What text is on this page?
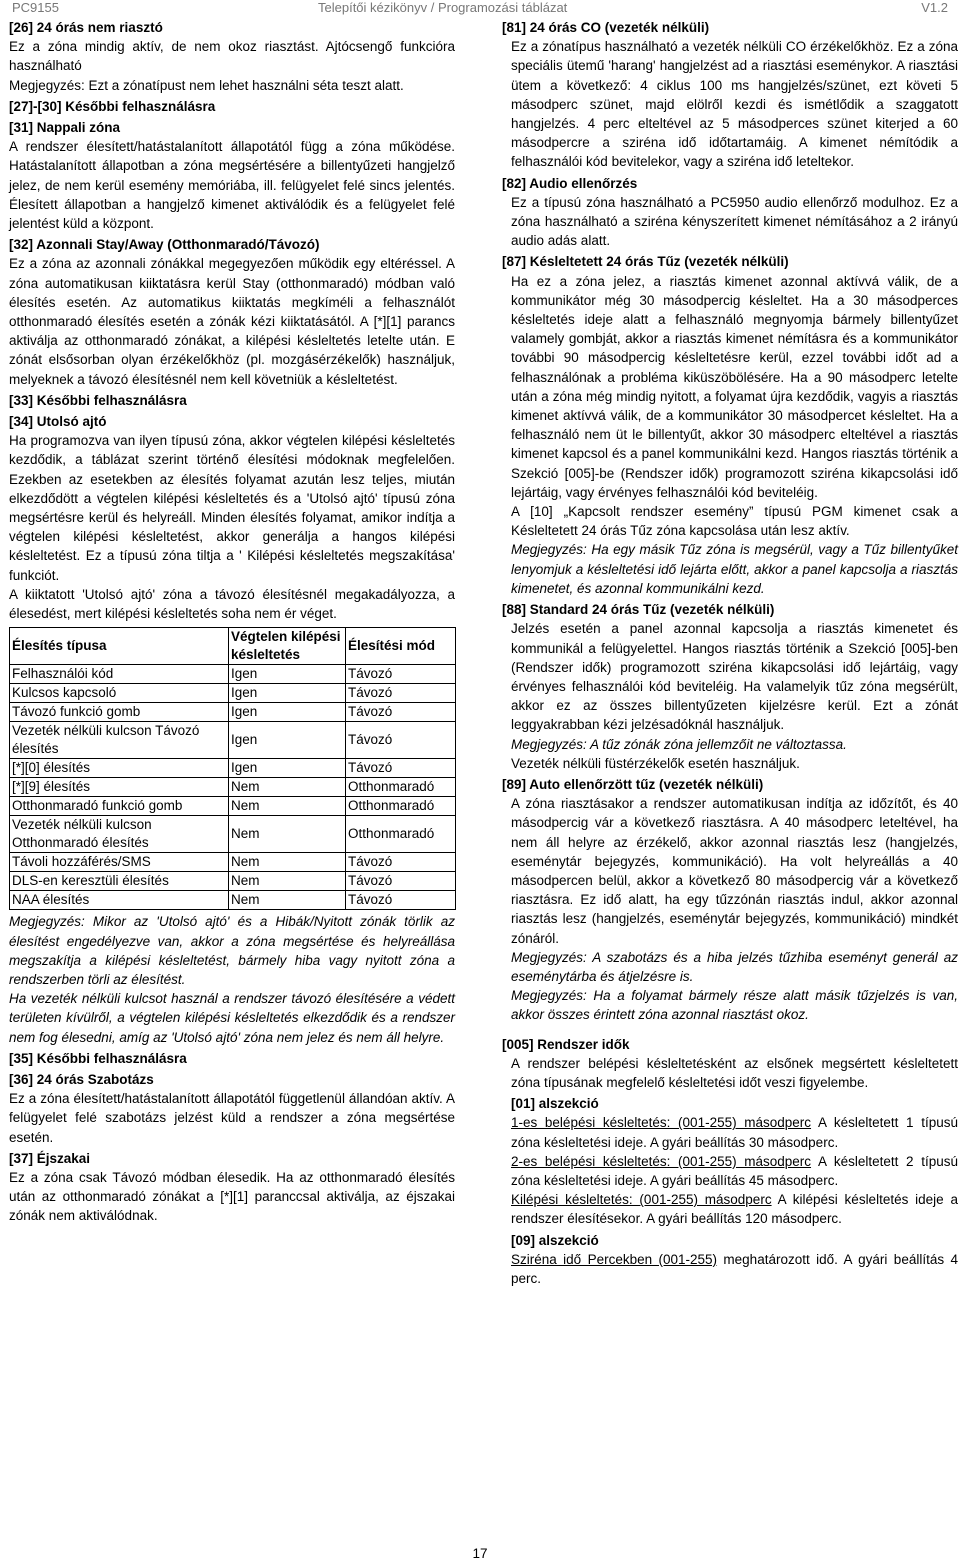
PC9155	Telepítői kézikönyv / Programozási táblázat	V1.2
[26] 24 órás nem riasztó
Ez a zóna mindig aktív, de nem okoz riasztást. Ajtócsengő funkcióra használható
Megjegyzés: Ezt a zónatípust nem lehet használni séta teszt alatt.
[27]-[30] Későbbi felhasználásra
[31] Nappali zóna
A rendszer élesített/hatástalanított állapotától függ a zóna működése. Hatástalanított állapotban a zóna megsértésére a billentyűzeti hangjelző jelez, de nem kerül esemény memóriába, ill. felügyelet felé sincs jelentés. Élesített állapotban a hangjelző kimenet aktiválódik és a felügyelet felé jelentést küld a központ.
[32] Azonnali Stay/Away (Otthonmaradó/Távozó)
Ez a zóna az azonnali zónákkal megegyezően működik egy eltéréssel. A zóna automatikusan kiiktatásra kerül Stay (otthonmaradó) módban való élesítés esetén. Az automatikus kiiktatás megkíméli a felhasználót otthonmaradó élesítés esetén a zónák kézi kiiktatásától. A [*][1] parancs aktiválja az otthonmaradó zónákat, a kilépési késleltetés letelte után. E zónát elsősorban olyan érzékelőkhöz (pl. mozgásérzékelők) használjuk, melyeknek a távozó élesítésnél nem kell követniük a késleltetést.
[33] Későbbi felhasználásra
[34] Utolsó ajtó
Ha programozva van ilyen típusú zóna, akkor végtelen kilépési késleltetés kezdődik, a táblázat szerint történő élesítési módoknak megfelelően. Ezekben az esetekben az élesítés folyamat azután lesz teljes, miután elkezdődött a végtelen kilépési késleltetés és a 'Utolsó ajtó' típusú zóna megsértésre kerül és helyreáll. Minden élesítés folyamat, amikor indítja a végtelen kilépési késleltetést, akkor generálja a hangos kilépési késleltetést. Ez a típusú zóna tiltja a ' Kilépési késleltetés megszakítása' funkciót.
A kiiktatott 'Utolsó ajtó' zóna a távozó élesítésnél megakadályozza, a élesedést, mert kilépési késleltetés soha nem ér véget.
Élesítés típusa	Végtelen kilépési késleltetés	Élesítési mód
Felhasználói kód	Igen	Távozó
Kulcsos kapcsoló	Igen	Távozó
Távozó funkció gomb	Igen	Távozó
Vezeték nélküli kulcson Távozó élesítés	Igen	Távozó
[*][0] élesítés	Igen	Távozó
[*][9] élesítés	Nem	Otthonmaradó
Otthonmaradó funkció gomb	Nem	Otthonmaradó
Vezeték nélküli kulcson Otthonmaradó élesítés	Nem	Otthonmaradó
Távoli hozzáférés/SMS	Nem	Távozó
DLS-en keresztüli élesítés	Nem	Távozó
NAA élesítés	Nem	Távozó
Megjegyzés: Mikor az 'Utolsó ajtó' és a Hibák/Nyitott zónák törlik az élesítést engedélyezve van, akkor a zóna megsértése és helyreállása megszakítja a kilépési késleltetést, bármely hiba vagy nyitott zóna a rendszerben törli az élesítést.
Ha vezeték nélküli kulcsot használ a rendszer távozó élesítésére a védett területen kívülről, a végtelen kilépési késleltetés elkezdődik és a rendszer nem fog élesedni, amíg az 'Utolsó ajtó' zóna nem jelez és nem áll helyre.
[35] Későbbi felhasználásra
[36] 24 órás Szabotázs
Ez a zóna élesített/hatástalanított állapotától függetlenül állandóan aktív. A felügyelet felé szabotázs jelzést küld a rendszer a zóna megsértése esetén.
[37] Éjszakai
Ez a zóna csak Távozó módban élesedik. Ha az otthonmaradó élesítés után az otthonmaradó zónákat a [*][1] paranccsal aktiválja, az éjszakai zónák nem aktiválódnak.
[81] 24 órás CO (vezeték nélküli)
Ez a zónatípus használható a vezeték nélküli CO érzékelőkhöz. Ez a zóna speciális ütemű 'harang' hangjelzést ad a riasztási eseménykor. A riasztási ütem a következő: 4 ciklus 100 ms hangjelzés/szünet, ezt követi 5 másodperc szünet, majd elölről kezdi és ismétlődik a szaggatott hangjelzés. 4 perc elteltével az 5 másodperces szünet kiterjed a 60 másodpercre a sziréna idő időtartamáig. A kimenet némítódik a felhasználói kód bevitelekor, vagy a sziréna idő leteltekor.
[82] Audio ellenőrzés
Ez a típusú zóna használható a PC5950 audio ellenőrző modulhoz. Ez a zóna használható a sziréna kényszerített kimenet némításához a 2 irányú audio adás alatt.
[87] Késleltetett 24 órás Tűz (vezeték nélküli)
Ha ez a zóna jelez, a riasztás kimenet azonnal aktívvá válik, de a kommunikátor még 30 másodpercig késleltet. Ha a 30 másodperces késleltetés ideje alatt a felhasználó megnyomja bármely billentyűzet valamely gombját, akkor a riasztás kimenet némításra és a kommunikátor további 90 másodpercig késleltetésre kerül, ezzel további időt ad a felhasználónak a probléma kiküszöbölésére. Ha a 90 másodperc letelte után a zóna még mindig nyitott, a folyamat újra kezdődik, vagyis a riasztás kimenet aktívvá válik, de a kommunikátor 30 másodpercet késleltet. Ha a felhasználó nem üt le billentyűt, akkor 30 másodperc elteltével a riasztás kimenet kapcsol és a panel kommunikálni kezd. Hangos riasztás történik a Szekció [005]-be (Rendszer idők) programozott sziréna kikapcsolási idő lejártáig, vagy érvényes felhasználói kód beviteléig.
A [10] „Kapcsolt rendszer esemény” típusú PGM kimenet csak a Késleltetett 24 órás Tűz zóna kapcsolása után lesz aktív.
Megjegyzés: Ha egy másik Tűz zóna is megsérül, vagy a Tűz billentyűket lenyomjuk a késleltetési idő lejárta előtt, akkor a panel kapcsolja a riasztás kimenetet, és azonnal kommunikálni kezd.
[88] Standard 24 órás Tűz (vezeték nélküli)
Jelzés esetén a panel azonnal kapcsolja a riasztás kimenetet és kommunikál a felügyelettel. Hangos riasztás történik a Szekció [005]-ben (Rendszer idők) programozott sziréna kikapcsolási idő lejártáig, vagy érvényes felhasználói kód beviteléig. Ha valamelyik tűz zóna megsérült, akkor ez az összes billentyűzeten kijelzésre kerül. Ezt a zónát leggyakrabban kézi jelzésadóknál használjuk.
Megjegyzés: A tűz zónák zóna jellemzőit ne változtassa.
Vezeték nélküli füstérzékelők esetén használjuk.
[89] Auto ellenőrzött tűz (vezeték nélküli)
A zóna riasztásakor a rendszer automatikusan indítja az időzítőt, és 40 másodpercig vár a következő riasztásra. A 40 másodperc leteltével, ha nem áll helyre az érzékelő, akkor azonnal riasztás lesz (hangjelzés, eseménytár bejegyzés, kommunikáció). Ha volt helyreállás a 40 másodpercen belül, akkor a következő 80 másodpercig vár a következő riasztásra. Ez idő alatt, ha egy tűzzónán riasztás indul, akkor azonnal riasztás lesz (hangjelzés, eseménytár bejegyzés, kommunikáció) mindkét zónáról.
Megjegyzés: A szabotázs és a hiba jelzés tűzhiba eseményt generál az eseménytárba és átjelzésre is.
Megjegyzés: Ha a folyamat bármely része alatt másik tűzjelzés is van, akkor összes érintett zóna azonnal riasztást okoz.
[005] Rendszer idők
A rendszer belépési késleltetésként az elsőnek megsértett késleltetett zóna típusának megfelelő késleltetési időt veszi figyelembe.
[01] alszekció
1-es belépési késleltetés: (001-255) másodperc A késleltetett 1 típusú zóna késleltetési ideje. A gyári beállítás 30 másodperc.
2-es belépési késleltetés: (001-255) másodperc A késleltetett 2 típusú zóna késleltetési ideje. A gyári beállítás 45 másodperc.
Kilépési késleltetés: (001-255) másodperc A kilépési késleltetés ideje a rendszer élesítésekor. A gyári beállítás 120 másodperc.
[09] alszekció
Sziréna idő Percekben (001-255) meghatározott idő. A gyári beállítás 4 perc.
17
